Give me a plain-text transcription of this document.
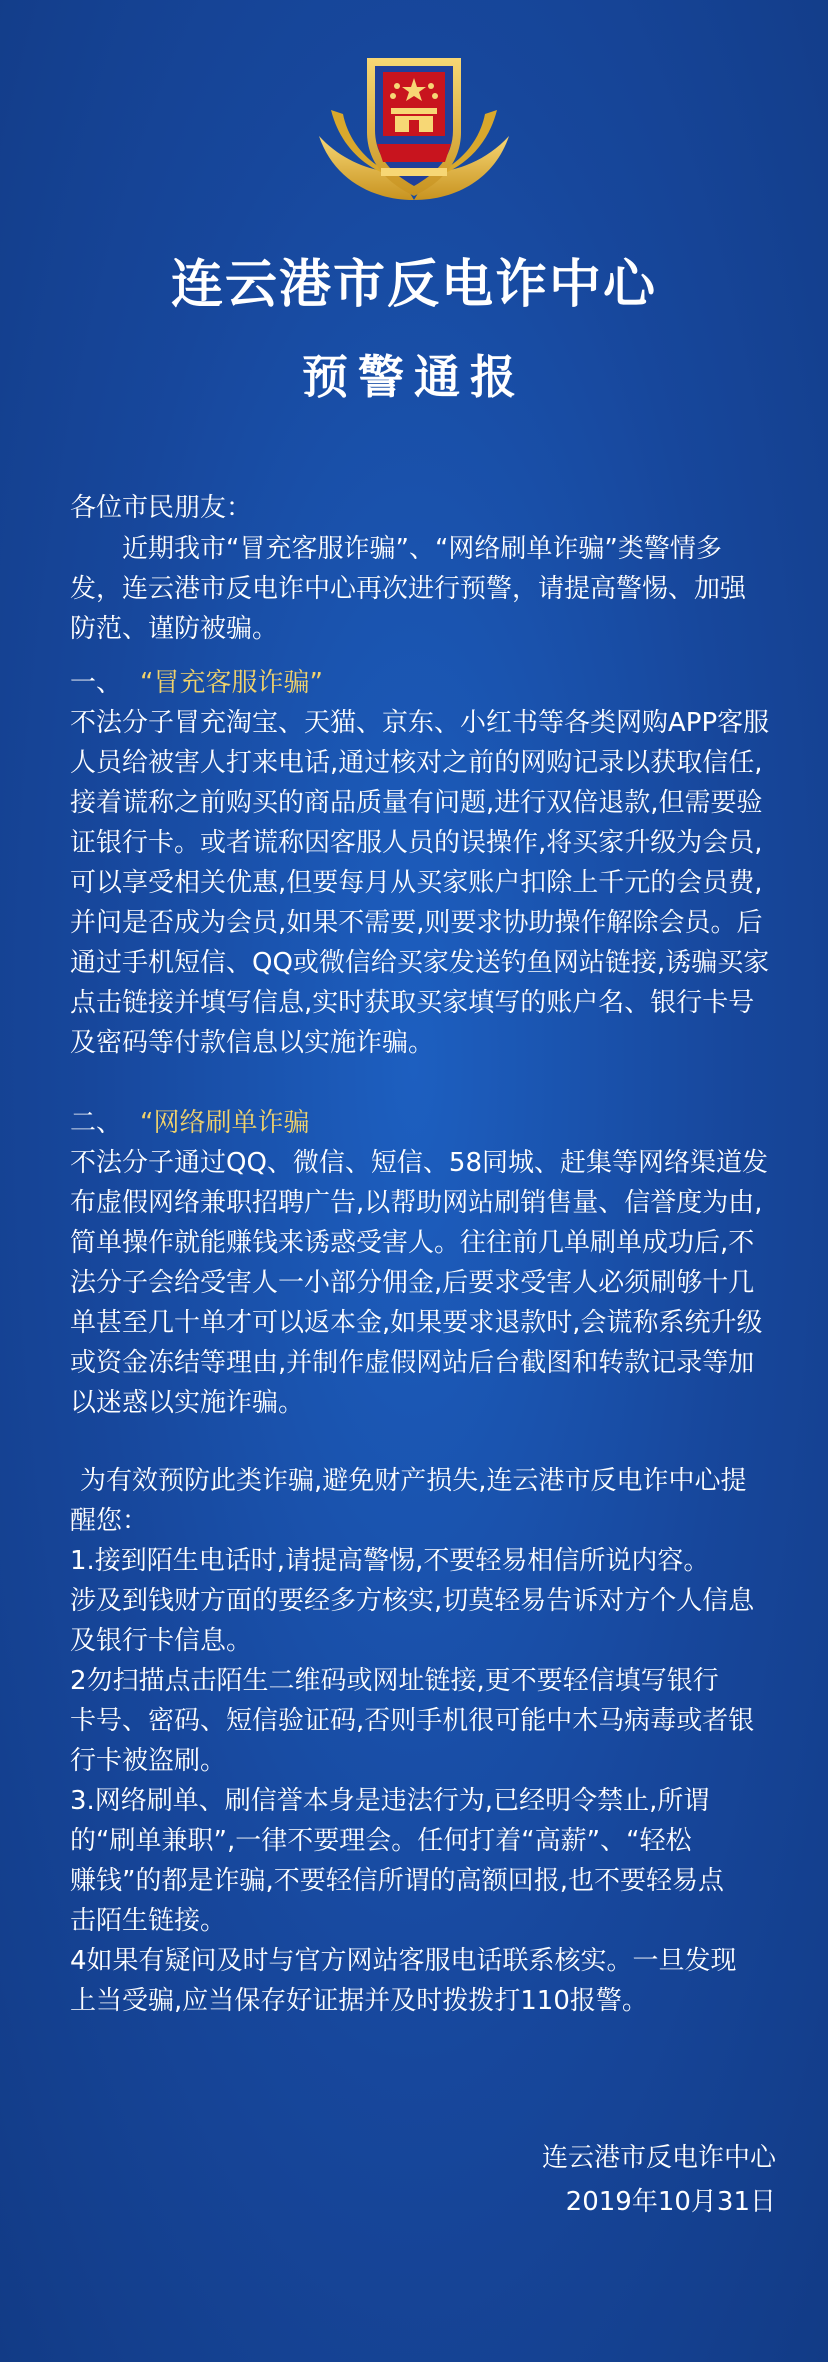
连云港市反电诈中心
预警通报

各位市民朋友：

近期我市“冒充客服诈骗”、“网络刷单诈骗”类警情多发，连云港市反电诈中心再次进行预警，请提高警惕、加强防范、谨防被骗。

一、 “冒充客服诈骗”

不法分子冒充淘宝、天猫、京东、小红书等各类网购APP客服人员给被害人打来电话,通过核对之前的网购记录以获取信任,接着谎称之前购买的商品质量有问题,进行双倍退款,但需要验证银行卡。或者谎称因客服人员的误操作,将买家升级为会员,可以享受相关优惠,但要每月从买家账户扣除上千元的会员费,并问是否成为会员,如果不需要,则要求协助操作解除会员。后通过手机短信、QQ或微信给买家发送钓鱼网站链接,诱骗买家点击链接并填写信息,实时获取买家填写的账户名、银行卡号及密码等付款信息以实施诈骗。

二、 “网络刷单诈骗

不法分子通过QQ、微信、短信、58同城、赶集等网络渠道发布虚假网络兼职招聘广告,以帮助网站刷销售量、信誉度为由,简单操作就能赚钱来诱惑受害人。往往前几单刷单成功后,不法分子会给受害人一小部分佣金,后要求受害人必须刷够十几单甚至几十单才可以返本金,如果要求退款时,会谎称系统升级或资金冻结等理由,并制作虚假网站后台截图和转款记录等加以迷惑以实施诈骗。

为有效预防此类诈骗,避免财产损失,连云港市反电诈中心提醒您：

1.接到陌生电话时,请提高警惕,不要轻易相信所说内容。

涉及到钱财方面的要经多方核实,切莫轻易告诉对方个人信息

及银行卡信息。

2勿扫描点击陌生二维码或网址链接,更不要轻信填写银行

卡号、密码、短信验证码,否则手机很可能中木马病毒或者银

行卡被盗刷。

3.网络刷单、刷信誉本身是违法行为,已经明令禁止,所谓

的“刷单兼职”,一律不要理会。任何打着“高薪”、“轻松

赚钱”的都是诈骗,不要轻信所谓的高额回报,也不要轻易点

击陌生链接。

4如果有疑问及时与官方网站客服电话联系核实。一旦发现

上当受骗,应当保存好证据并及时拨拨打110报警。

连云港市反电诈中心
2019年10月31日
